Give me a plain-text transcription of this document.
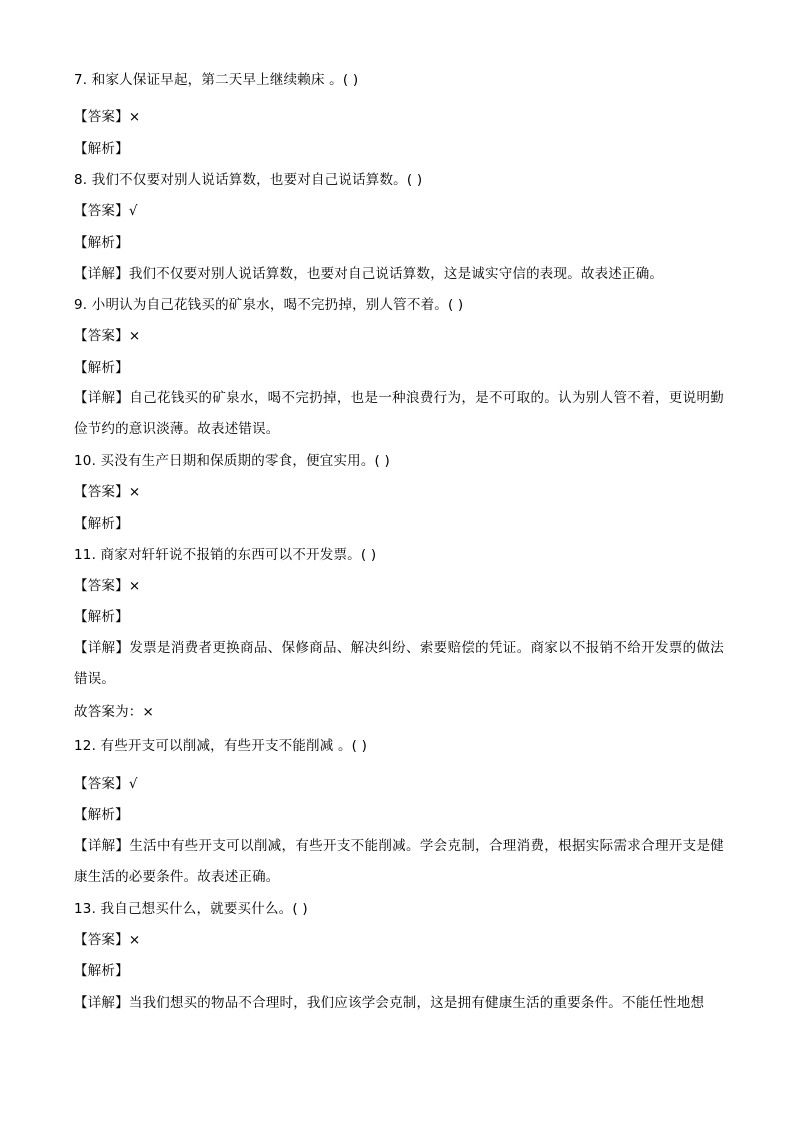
7. 和家人保证早起，第二天早上继续赖床 。( )
【答案】×
【解析】
8. 我们不仅要对别人说话算数，也要对自己说话算数。( )
【答案】√
【解析】
【详解】我们不仅要对别人说话算数，也要对自己说话算数，这是诚实守信的表现。故表述正确。
9. 小明认为自己花钱买的矿泉水，喝不完扔掉，别人管不着。( )
【答案】×
【解析】
【详解】自己花钱买的矿泉水，喝不完扔掉，也是一种浪费行为，是不可取的。认为别人管不着，更说明勤俭节约的意识淡薄。故表述错误。
10. 买没有生产日期和保质期的零食，便宜实用。( )
【答案】×
【解析】
11. 商家对轩轩说不报销的东西可以不开发票。( )
【答案】×
【解析】
【详解】发票是消费者更换商品、保修商品、解决纠纷、索要赔偿的凭证。商家以不报销不给开发票的做法错误。
故答案为：×
12. 有些开支可以削减，有些开支不能削减 。( )
【答案】√
【解析】
【详解】生活中有些开支可以削减，有些开支不能削减。学会克制，合理消费，根据实际需求合理开支是健康生活的必要条件。故表述正确。
13. 我自己想买什么，就要买什么。( )
【答案】×
【解析】
【详解】当我们想买的物品不合理时，我们应该学会克制，这是拥有健康生活的重要条件。不能任性地想
